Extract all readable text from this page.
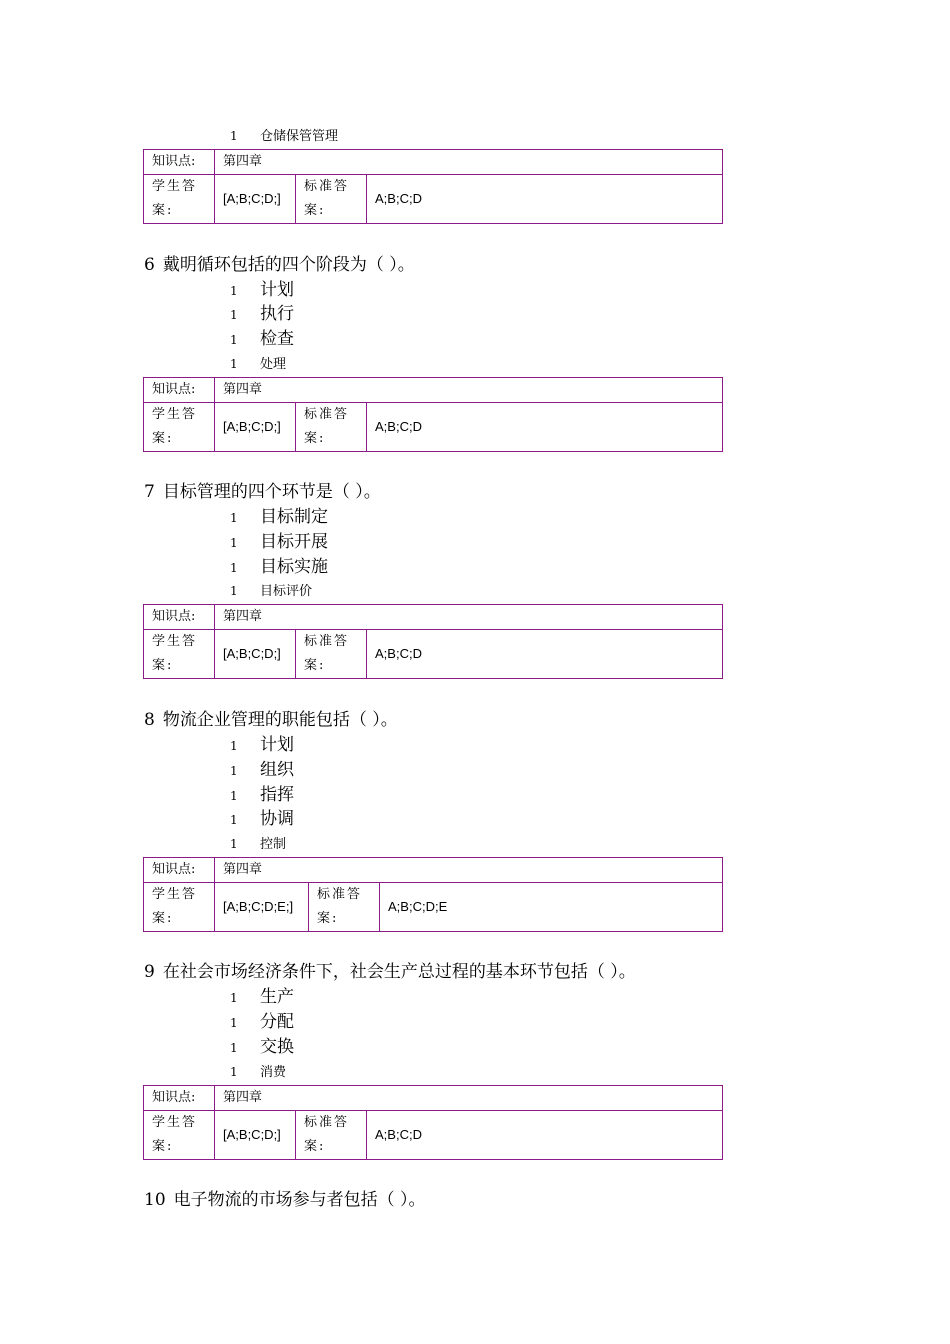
1 仓储保管管理
知识点:	第四章		
学生答案:	[A;B;C;D;]	标准答案:	A;B;C;D
6 戴明循环包括的四个阶段为（ ）。
1 计划
1 执行
1 检查
1 处理
知识点:	第四章		
学生答案:	[A;B;C;D;]	标准答案:	A;B;C;D
7 目标管理的四个环节是（ ）。
1 目标制定
1 目标开展
1 目标实施
1 目标评价
知识点:	第四章		
学生答案:	[A;B;C;D;]	标准答案:	A;B;C;D
8 物流企业管理的职能包括（ ）。
1 计划
1 组织
1 指挥
1 协调
1 控制
知识点:	第四章		
学生答案:	[A;B;C;D;E;]	标准答案:	A;B;C;D;E
9 在社会市场经济条件下，社会生产总过程的基本环节包括（ ）。
1 生产
1 分配
1 交换
1 消费
知识点:	第四章		
学生答案:	[A;B;C;D;]	标准答案:	A;B;C;D
10 电子物流的市场参与者包括（ ）。
